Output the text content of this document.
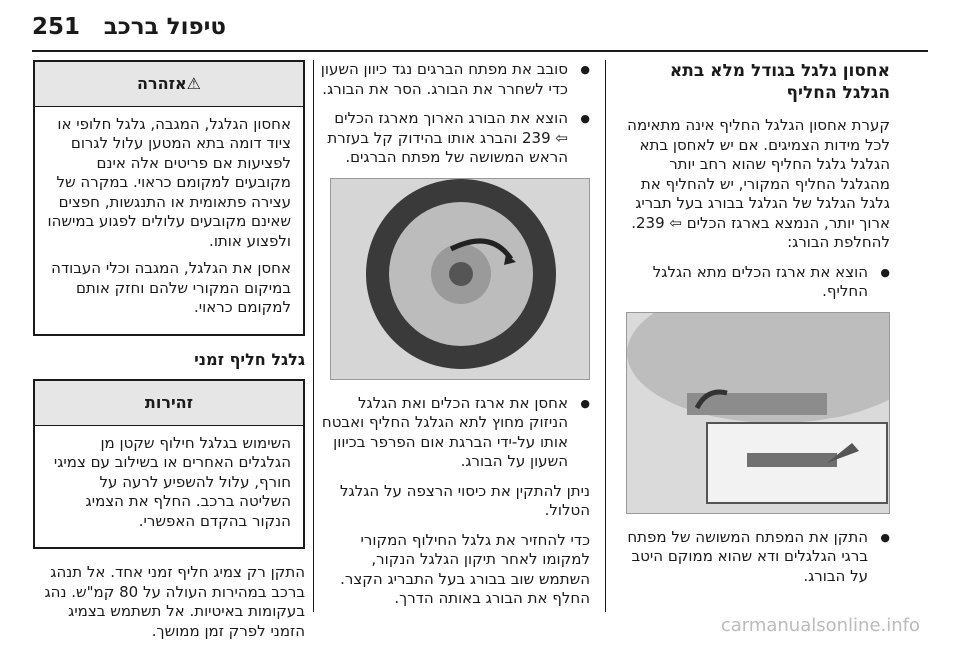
251 טיפול ברכב
אחסון גלגל בגודל מלא בתא הגלגל החליף

קערת אחסון הגלגל החליף אינה מתאימה לכל מידות הצמיגים. אם יש לאחסן בתא הגלגל גלגל החליף שהוא רחב יותר מהגלגל החליף המקורי, יש להחליף את גלגל הגלגל של הגלגל בבורג בעל תבריג ארוך יותר, הנמצא בארגז הכלים ⇦ 239. להחלפת הבורג:

● הוצא את ארגז הכלים מתא הגלגל החליף.
● התקן את המפתח המשושה של מפתח ברגי הגלגלים ודא שהוא ממוקם היטב על הבורג.
● סובב את מפתח הברגים נגד כיוון השעון כדי לשחרר את הבורג. הסר את הבורג.
● הוצא את הבורג הארוך מארגז הכלים ⇦ 239 והברג אותו בהידוק קל בעזרת הראש המשושה של מפתח הברגים.
● אחסן את ארגז הכלים ואת הגלגל הניזוק מחוץ לתא הגלגל החליף ואבטח אותו על-ידי הברגת אום הפרפר בכיוון השעון על הבורג.

ניתן להתקין את כיסוי הרצפה על הגלגל הטלול.

כדי להחזיר את גלגל החילוף המקורי למקומו לאחר תיקון הגלגל הנקור, השתמש שוב בבורג בעל התבריג הקצר. החלף את הבורג באותה הדרך.

⚠אזהרה

אחסון הגלגל, המגבה, גלגל חלופי או ציוד דומה בתא המטען עלול לגרום לפציעות אם פריטים אלה אינם מקובעים למקומם כראוי. במקרה של עצירה פתאומית או התנגשות, חפצים שאינם מקובעים עלולים לפגוע במישהו ולפצוע אותו.

אחסן את הגלגל, המגבה וכלי העבודה במיקום המקורי שלהם וחזק אותם למקומם כראוי.

גלגל חליף זמני
זהירות

השימוש בגלגל חילוף שקטן מן הגלגלים האחרים או בשילוב עם צמיגי חורף, עלול להשפיע לרעה על השליטה ברכב. החלף את הצמיג הנקור בהקדם האפשרי.

התקן רק צמיג חליף זמני אחד. אל תנהג ברכב במהירות העולה על 80 קמ"ש. נהג בעקומות באיטיות. אל תשתמש בצמיג הזמני לפרק זמן ממושך.	carmanualsonline.info
